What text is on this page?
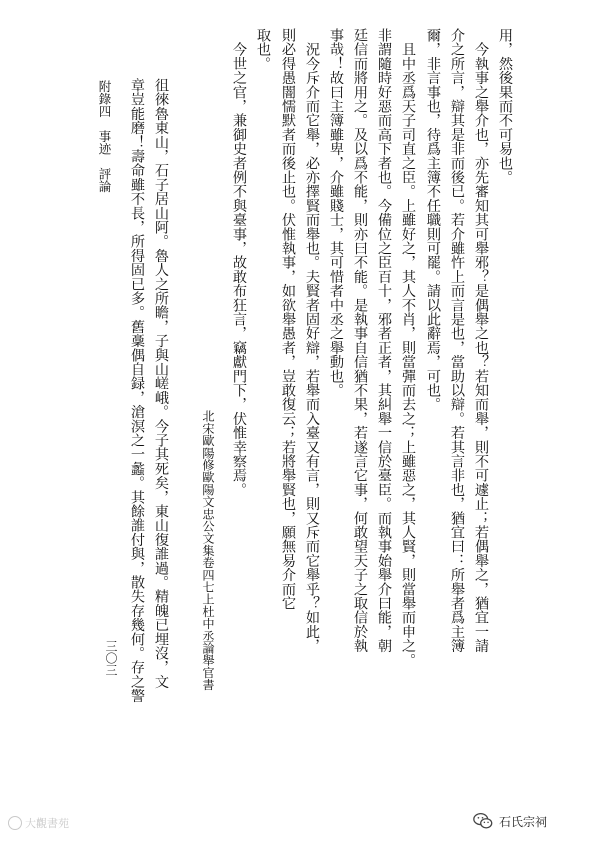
用，然後果而不可易也。
　今執事之舉介也，亦先審知其可舉邪？是偶舉之也？若知而舉，則不可遽止；若偶舉之，猶宜一請
介之所言，辯其是非而後已。若介雖忤上而言是也，當助以辯。若其言非也，猶宜曰：所舉者爲主簿
爾，非言事也，待爲主簿不任職則可罷。請以此辭焉，可也。
　且中丞爲天子司直之臣。上雖好之，其人不肖，則當彈而去之；上雖惡之，其人賢，則當舉而申之。
非謂隨時好惡而高下者也。今備位之臣百十，邪者正者，其糾舉一信於臺臣。而執事始舉介曰能，朝
廷信而將用之。及以爲不能，則亦曰不能。是執事自信猶不果，若遂言它事，何敢望天子之取信於執
事哉！故曰主簿雖卑，介雖賤士，其可惜者中丞之舉動也。
　況今斥介而它舉，必亦擇賢而舉也。夫賢者固好辯，若舉而入臺又有言，則又斥而它舉乎？如此，
則必得愚闇懦默者而後止也。伏惟執事，如欲舉愚者，豈敢復云；若將舉賢也，願無易介而它
取也。
　今世之官，兼御史者例不與臺事，故敢布狂言，竊獻門下，伏惟幸察焉。
北宋歐陽修歐陽文忠公文集卷四七上杜中丞論舉官書
徂徠魯東山，石子居山阿。魯人之所瞻，子與山嵯峨。今子其死矣，東山復誰過。精魄已埋沒，文
章豈能磨！壽命雖不長，所得固已多。舊稾偶自録，滄溟之一蠡。其餘誰付與，散失存幾何。存之警
附錄四　事迹　評論
三〇三
大觀書苑	石氏宗祠
